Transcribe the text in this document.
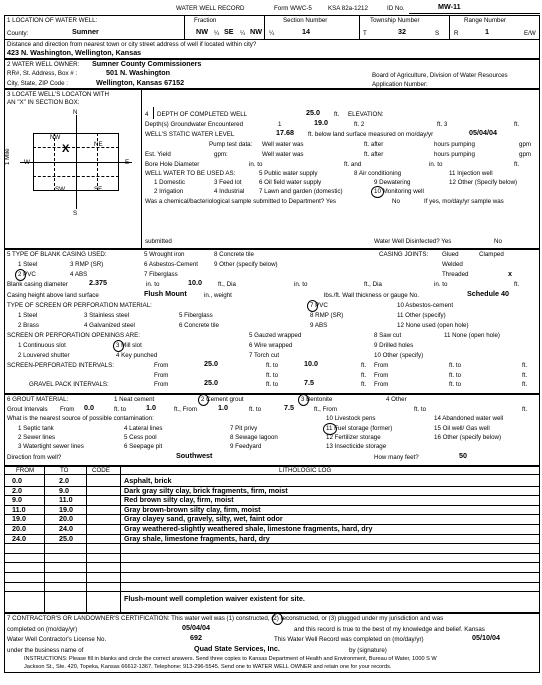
WATER WELL RECORD	Form WWC-5	KSA 82a-1212	ID No.	MW-11
1 LOCATION OF WATER WELL:	Fraction	Section Number	Township Number	Range Number
County:	Sumner	NW ¼ SE ¼ NW ¼	14	T	32	S R	1	E/W
Distance and direction from nearest town or city street address of well if located within city?
423 N. Washington, Wellington, Kansas
2 WATER WELL OWNER: Sumner County Commissioners
RR#, St. Address, Box # :	501 N. Washington
City, State, ZIP Code :	Wellington, Kansas 67152
Board of Agriculture, Division of Water Resources
Application Number:
3 LOCATE WELL'S LOCATON WITH
AN "X" IN SECTION BOX:
N
S
W	E
NW
NE
SW	SE
X
1 Mile
4 DEPTH OF COMPLETED WELL	25.0 ft. ELEVATION:
Depth(s) Groundwater Encountered	1	19.0	ft. 2	ft. 3	ft.
WELL'S STATIC WATER LEVEL	17.68 ft. below land surface measured on mo/day/yr	05/04/04
Pump test data: Well water was	ft. after	hours pumping	gpm
Est. Yield	gpm:	Well water was	ft. after	hours pumping	gpm
Bore Hole Diameter	in. to	ft. and	in. to	ft.
WELL WATER TO BE USED AS:	5 Public water supply	8 Air conditioning	11 Injection well
1 Domestic	3 Feed lot	6 Oil field water supply	9 Dewatering	12 Other (Specify below)
2 Irrigation	4 Industrial 7 Lawn and garden (domestic)	10 Monitoring well
Was a chemical/bacteriological sample submitted to Department? Yes	No	If yes, mo/day/yr sample was
submitted	Water Well Disinfected? Yes	No
5 TYPE OF BLANK CASING USED:	CASING JOINTS: Glued	Clamped
1 Steel	3 RMP (SR)
5 Wrought iron	8 Concrete tile
2 PVC	4 ABS
6 Asbestos-Cement	9 Other (specify below)
7 Fiberglass
Welded
Threaded	x
Blank casing diameter	2.375	in. to	10.0	ft., Dia	in. to	ft., Dia	in. to	ft.
Casing height above land surface	Flush Mount	in., weight	lbs./ft. Wall thickness or gauge No.	Schedule 40
TYPE OF SCREEN OR PERFORATION MATERIAL:
1 Steel	3 Stainless steel	5 Fiberglass
7 PVC	10 Asbestos-cement
2 Brass	4 Galvanized steel	6 Concrete tile
8 RMP (SR)	11 Other (specify)
9 ABS	12 None used (open hole)
SCREEN OR PERFORATION OPENINGS ARE:	5 Gauzed wrapped	8 Saw cut	11 None (open hole)
1 Continuous slot	3 Mill slot	6 Wire wrapped	9 Drilled holes
2 Louvered shutter	4 Key punched	7 Torch cut	10 Other (specify)
SCREEN-PERFORATED INTERVALS:	From	25.0	ft. to	10.0	ft. From	ft. to	ft.
From	ft. to	ft. From	ft. to	ft.
GRAVEL PACK INTERVALS:	From	25.0	ft. to	7.5	ft. From	ft. to	ft.
6 GROUT MATERIAL:	1 Neat cement	2 Cement grout	3 Bentonite	4 Other
Grout Intervals From 0.0	ft. to	1.0	ft., From	1.0	ft. to	7.5	ft., From	ft. to	ft.
What is the nearest source of possible contamination:	10 Livestock pens	14 Abandoned water well
1 Septic tank	4 Lateral lines	7 Pit privy	11 Fuel storage (former)	15 Oil well/ Gas well
2 Sewer lines	5 Cess pool	8 Sewage lagoon	12 Fertilizer storage	16 Other (specify below)
3 Watertight sewer lines	6 Seepage pit	9 Feedyard	13 Insecticide storage
Direction from well?	Southwest	How many feet?	50
FROM	TO	CODE	LITHOLOGIC LOG
Flush-mount well completion waiver existent for site.
7 CONTRACTOR'S OR LANDOWNER'S CERTIFICATION: This water well was (1) constructed, (2) reconstructed, or (3) plugged under my jurisdiction and was
completed on (mo/day/yr)	05/04/04	and this record is true to the best of my knowledge and belief. Kansas
Water Well Contractor's License No.	692	This Water Well Record was completed on (mo/day/yr)	05/10/04
under the business name of	Quad State Services, Inc.	by (signature)
INSTRUCTIONS: Please fill in blanks and circle the correct answers. Send three copies to Kansas Department of Health and Environment, Bureau of Water, 1000 S W
Jackson St., Ste. 420, Topeka, Kansas 66612-1367. Telephone: 913-296-5545. Send one to WATER WELL OWNER and retain one for your records.
0.0	2.0	Asphalt, brick
2.0	9.0	Dark gray silty clay, brick fragments, firm, moist
9.0	11.0	Red brown silty clay, firm, moist
11.0	19.0	Gray brown-brown silty clay, firm, moist
19.0	20.0	Gray clayey sand, gravely, silty, wet, faint odor
20.0	24.0	Gray weathered-slightly weathered shale, limestone fragments, hard, dry
24.0	25.0	Gray shale, limestone fragments, hard, dry
